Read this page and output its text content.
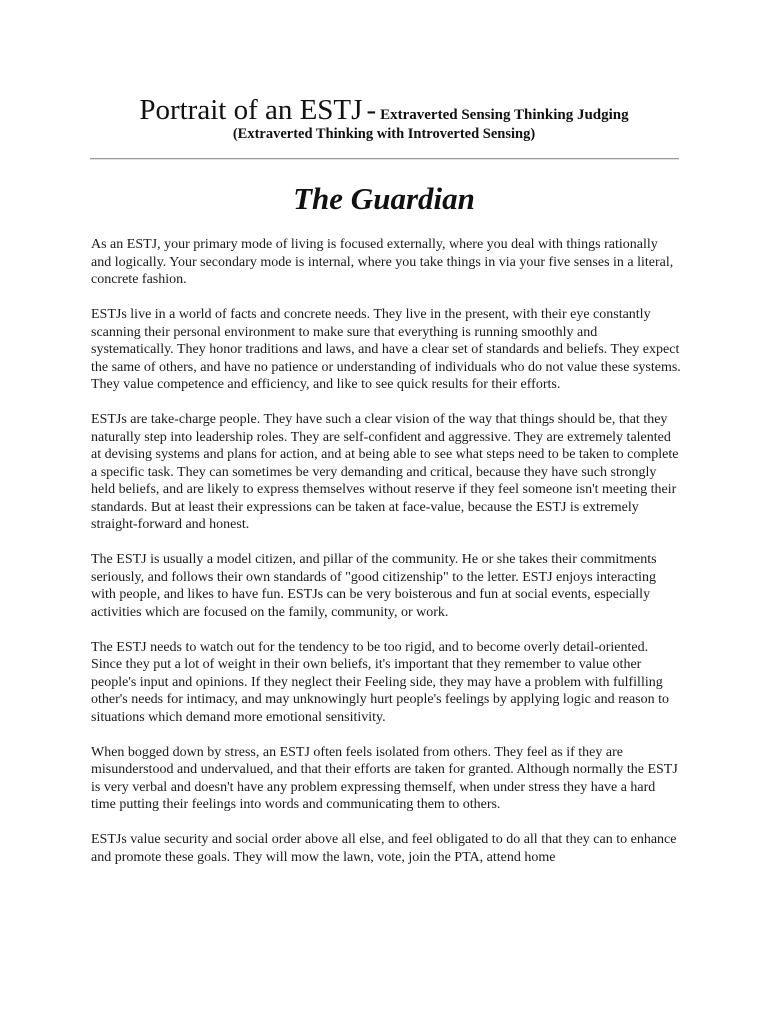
Portrait of an ESTJ - Extraverted Sensing Thinking Judging
(Extraverted Thinking with Introverted Sensing)
The Guardian

As an ESTJ, your primary mode of living is focused externally, where you deal with things rationally and logically. Your secondary mode is internal, where you take things in via your five senses in a literal, concrete fashion.

ESTJs live in a world of facts and concrete needs. They live in the present, with their eye constantly scanning their personal environment to make sure that everything is running smoothly and systematically. They honor traditions and laws, and have a clear set of standards and beliefs. They expect the same of others, and have no patience or understanding of individuals who do not value these systems. They value competence and efficiency, and like to see quick results for their efforts.

ESTJs are take-charge people. They have such a clear vision of the way that things should be, that they naturally step into leadership roles. They are self-confident and aggressive. They are extremely talented at devising systems and plans for action, and at being able to see what steps need to be taken to complete a specific task. They can sometimes be very demanding and critical, because they have such strongly held beliefs, and are likely to express themselves without reserve if they feel someone isn't meeting their standards. But at least their expressions can be taken at face-value, because the ESTJ is extremely straight-forward and honest.

The ESTJ is usually a model citizen, and pillar of the community. He or she takes their commitments seriously, and follows their own standards of "good citizenship" to the letter. ESTJ enjoys interacting with people, and likes to have fun. ESTJs can be very boisterous and fun at social events, especially activities which are focused on the family, community, or work.

The ESTJ needs to watch out for the tendency to be too rigid, and to become overly detail-oriented. Since they put a lot of weight in their own beliefs, it's important that they remember to value other people's input and opinions. If they neglect their Feeling side, they may have a problem with fulfilling other's needs for intimacy, and may unknowingly hurt people's feelings by applying logic and reason to situations which demand more emotional sensitivity.

When bogged down by stress, an ESTJ often feels isolated from others. They feel as if they are misunderstood and undervalued, and that their efforts are taken for granted. Although normally the ESTJ is very verbal and doesn't have any problem expressing themself, when under stress they have a hard time putting their feelings into words and communicating them to others.

ESTJs value security and social order above all else, and feel obligated to do all that they can to enhance and promote these goals. They will mow the lawn, vote, join the PTA, attend home
